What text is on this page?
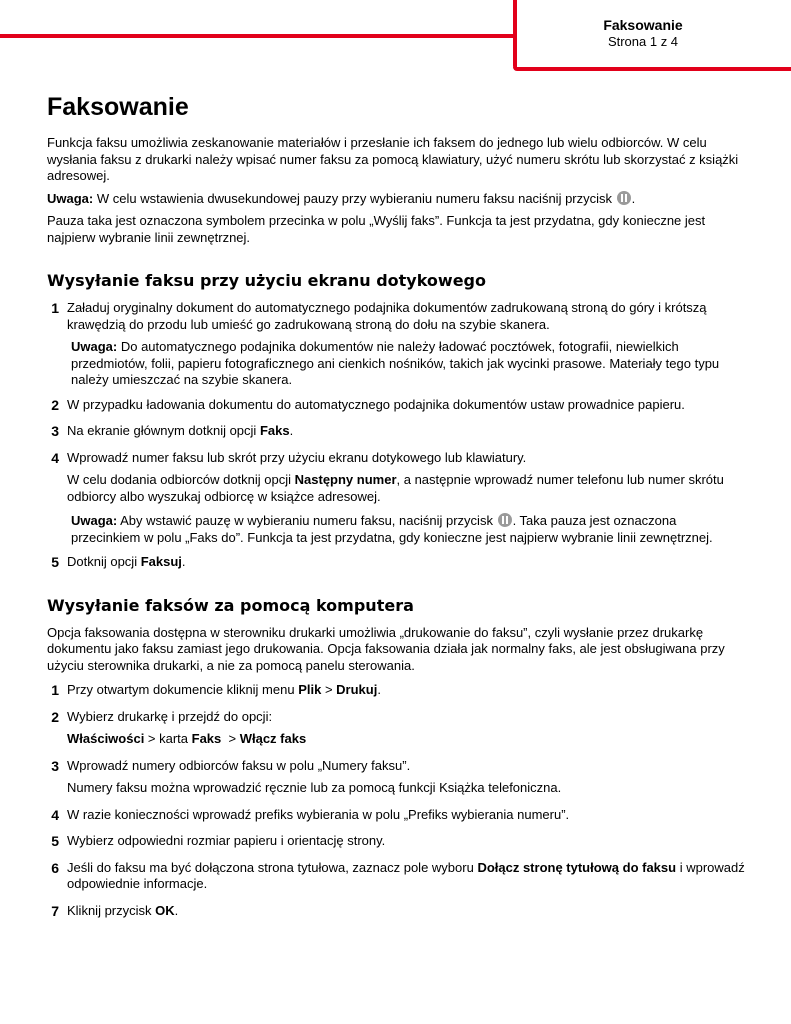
Faksowanie
Strona 1 z 4
Faksowanie

Funkcja faksu umożliwia zeskanowanie materiałów i przesłanie ich faksem do jednego lub wielu odbiorców. W celu wysłania faksu z drukarki należy wpisać numer faksu za pomocą klawiatury, użyć numeru skrótu lub skorzystać z książki adresowej.

Uwaga: W celu wstawienia dwusekundowej pauzy przy wybieraniu numeru faksu naciśnij przycisk .

Pauza taka jest oznaczona symbolem przecinka w polu „Wyślij faks”. Funkcja ta jest przydatna, gdy konieczne jest najpierw wybranie linii zewnętrznej.

Wysyłanie faksu przy użyciu ekranu dotykowego
1 Załaduj oryginalny dokument do automatycznego podajnika dokumentów zadrukowaną stroną do góry i krótszą krawędzią do przodu lub umieść go zadrukowaną stroną do dołu na szybie skanera.

Uwaga: Do automatycznego podajnika dokumentów nie należy ładować pocztówek, fotografii, niewielkich przedmiotów, folii, papieru fotograficznego ani cienkich nośników, takich jak wycinki prasowe. Materiały tego typu należy umieszczać na szybie skanera.

2 W przypadku ładowania dokumentu do automatycznego podajnika dokumentów ustaw prowadnice papieru.

3 Na ekranie głównym dotknij opcji Faks.

4 Wprowadź numer faksu lub skrót przy użyciu ekranu dotykowego lub klawiatury.

W celu dodania odbiorców dotknij opcji Następny numer, a następnie wprowadź numer telefonu lub numer skrótu odbiorcy albo wyszukaj odbiorcę w książce adresowej.

Uwaga: Aby wstawić pauzę w wybieraniu numeru faksu, naciśnij przycisk . Taka pauza jest oznaczona przecinkiem w polu „Faks do”. Funkcja ta jest przydatna, gdy konieczne jest najpierw wybranie linii zewnętrznej.

5 Dotknij opcji Faksuj.

Wysyłanie faksów za pomocą komputera

Opcja faksowania dostępna w sterowniku drukarki umożliwia „drukowanie do faksu”, czyli wysłanie przez drukarkę dokumentu jako faksu zamiast jego drukowania. Opcja faksowania działa jak normalny faks, ale jest obsługiwana przy użyciu sterownika drukarki, a nie za pomocą panelu sterowania.

1 Przy otwartym dokumencie kliknij menu Plik > Drukuj.

2 Wybierz drukarkę i przejdź do opcji:

Właściwości > karta Faks  > Włącz faks

3 Wprowadź numery odbiorców faksu w polu „Numery faksu”.

Numery faksu można wprowadzić ręcznie lub za pomocą funkcji Książka telefoniczna.

4 W razie konieczności wprowadź prefiks wybierania w polu „Prefiks wybierania numeru”.

5 Wybierz odpowiedni rozmiar papieru i orientację strony.

6 Jeśli do faksu ma być dołączona strona tytułowa, zaznacz pole wyboru Dołącz stronę tytułową do faksu i wprowadź odpowiednie informacje.

7 Kliknij przycisk OK.
